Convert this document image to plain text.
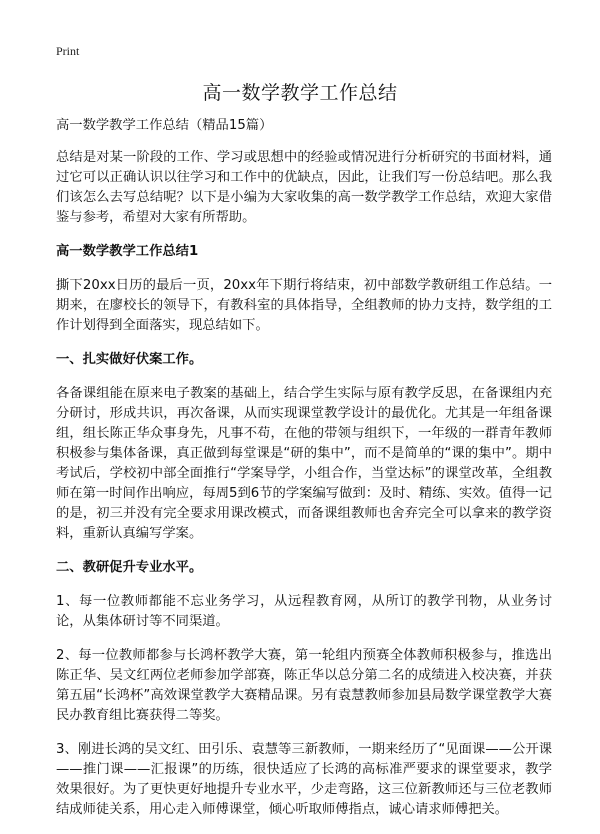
Print
高一数学教学工作总结

高一数学教学工作总结（精品15篇）

总结是对某一阶段的工作、学习或思想中的经验或情况进行分析研究的书面材料，通过它可以正确认识以往学习和工作中的优缺点，因此，让我们写一份总结吧。那么我们该怎么去写总结呢？以下是小编为大家收集的高一数学教学工作总结，欢迎大家借鉴与参考，希望对大家有所帮助。

高一数学教学工作总结1

撕下20xx日历的最后一页，20xx年下期行将结束，初中部数学教研组工作总结。一期来，在廖校长的领导下，有教科室的具体指导，全组教师的协力支持，数学组的工作计划得到全面落实，现总结如下。

一、扎实做好伏案工作。

各备课组能在原来电子教案的基础上，结合学生实际与原有教学反思，在备课组内充分研讨，形成共识，再次备课，从而实现课堂教学设计的最优化。尤其是一年组备课组，组长陈正华众事身先，凡事不苟，在他的带领与组织下，一年级的一群青年教师积极参与集体备课，真正做到每堂课是“研的集中”，而不是简单的“课的集中”。期中考试后，学校初中部全面推行“学案导学，小组合作，当堂达标”的课堂改革，全组教师在第一时间作出响应，每周5到6节的学案编写做到：及时、精练、实效。值得一记的是，初三并没有完全要求用课改模式，而备课组教师也舍弃完全可以拿来的教学资料，重新认真编写学案。

二、教研促升专业水平。

1、每一位教师都能不忘业务学习，从远程教育网，从所订的教学刊物，从业务讨论，从集体研讨等不同渠道。

2、每一位教师都参与长鸿杯教学大赛，第一轮组内预赛全体教师积极参与，推选出陈正华、吴文红两位老师参加学部赛，陈正华以总分第二名的成绩进入校决赛，并获第五届“长鸿杯”高效课堂教学大赛精品课。另有袁慧教师参加县局数学课堂教学大赛民办教育组比赛获得二等奖。

3、刚进长鸿的吴文红、田引乐、袁慧等三新教师，一期来经历了“见面课——公开课——推门课——汇报课”的历练，很快适应了长鸿的高标准严要求的课堂要求，教学效果很好。为了更快更好地提升专业水平，少走弯路，这三位新教师还与三位老教师结成师徒关系，用心走入师傅课堂，倾心听取师傅指点，诚心请求师傅把关。
